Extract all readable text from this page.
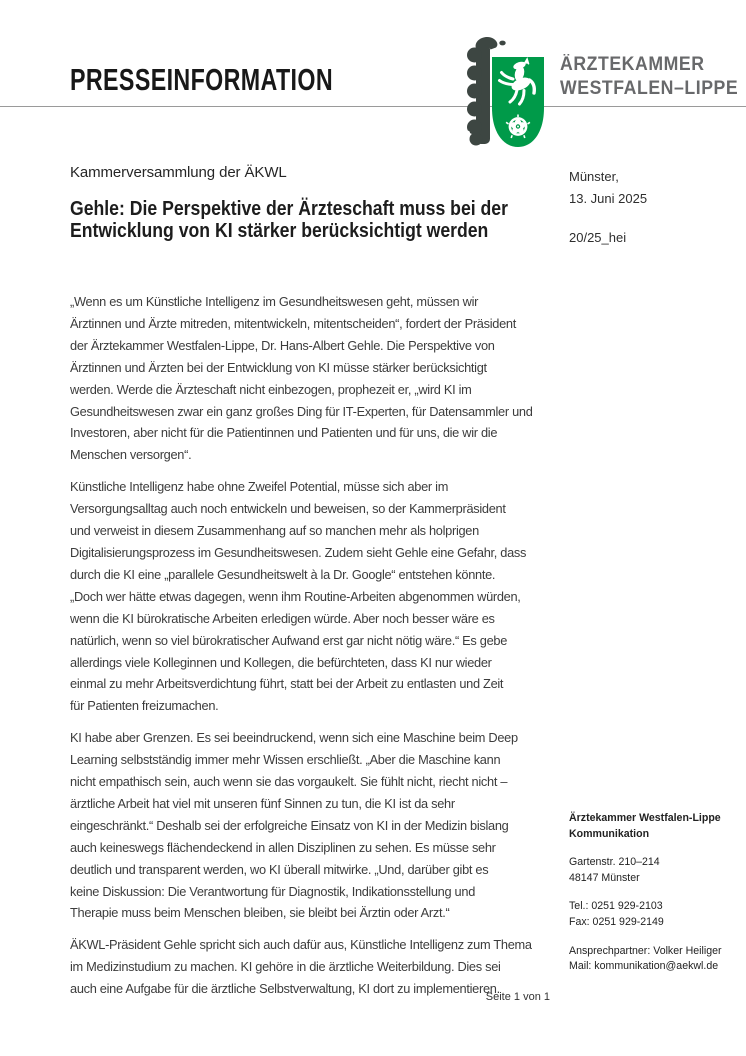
PRESSEINFORMATION	ÄRZTEKAMMER
WESTFALEN–LIPPE
Kammerversammlung der ÄKWL	Münster,
13. Juni 2025
20/25_hei
Gehle: Die Perspektive der Ärzteschaft muss bei der
Entwicklung von KI stärker berücksichtigt werden
„Wenn es um Künstliche Intelligenz im Gesundheitswesen geht, müssen wir
Ärztinnen und Ärzte mitreden, mitentwickeln, mitentscheiden“, fordert der Präsident
der Ärztekammer Westfalen-Lippe, Dr. Hans-Albert Gehle. Die Perspektive von
Ärztinnen und Ärzten bei der Entwicklung von KI müsse stärker berücksichtigt
werden. Werde die Ärzteschaft nicht einbezogen, prophezeit er, „wird KI im
Gesundheitswesen zwar ein ganz großes Ding für IT-Experten, für Datensammler und
Investoren, aber nicht für die Patientinnen und Patienten und für uns, die wir die
Menschen versorgen“.
Künstliche Intelligenz habe ohne Zweifel Potential, müsse sich aber im
Versorgungsalltag auch noch entwickeln und beweisen, so der Kammerpräsident
und verweist in diesem Zusammenhang auf so manchen mehr als holprigen
Digitalisierungsprozess im Gesundheitswesen. Zudem sieht Gehle eine Gefahr, dass
durch die KI eine „parallele Gesundheitswelt à la Dr. Google“ entstehen könnte.
„Doch wer hätte etwas dagegen, wenn ihm Routine-Arbeiten abgenommen würden,
wenn die KI bürokratische Arbeiten erledigen würde. Aber noch besser wäre es
natürlich, wenn so viel bürokratischer Aufwand erst gar nicht nötig wäre.“ Es gebe
allerdings viele Kolleginnen und Kollegen, die befürchteten, dass KI nur wieder
einmal zu mehr Arbeitsverdichtung führt, statt bei der Arbeit zu entlasten und Zeit
für Patienten freizumachen.
KI habe aber Grenzen. Es sei beeindruckend, wenn sich eine Maschine beim Deep
Learning selbstständig immer mehr Wissen erschließt. „Aber die Maschine kann
nicht empathisch sein, auch wenn sie das vorgaukelt. Sie fühlt nicht, riecht nicht –
ärztliche Arbeit hat viel mit unseren fünf Sinnen zu tun, die KI ist da sehr
eingeschränkt.“ Deshalb sei der erfolgreiche Einsatz von KI in der Medizin bislang
auch keineswegs flächendeckend in allen Disziplinen zu sehen. Es müsse sehr
deutlich und transparent werden, wo KI überall mitwirke. „Und, darüber gibt es
keine Diskussion: Die Verantwortung für Diagnostik, Indikationsstellung und
Therapie muss beim Menschen bleiben, sie bleibt bei Ärztin oder Arzt.“
ÄKWL-Präsident Gehle spricht sich auch dafür aus, Künstliche Intelligenz zum Thema
im Medizinstudium zu machen. KI gehöre in die ärztliche Weiterbildung. Dies sei
auch eine Aufgabe für die ärztliche Selbstverwaltung, KI dort zu implementieren.
Ärztekammer Westfalen-Lippe
Kommunikation
Gartenstr. 210–214
48147 Münster
Tel.: 0251 929-2103
Fax: 0251 929-2149
Ansprechpartner: Volker Heiliger
Mail: kommunikation@aekwl.de
Seite 1 von 1
